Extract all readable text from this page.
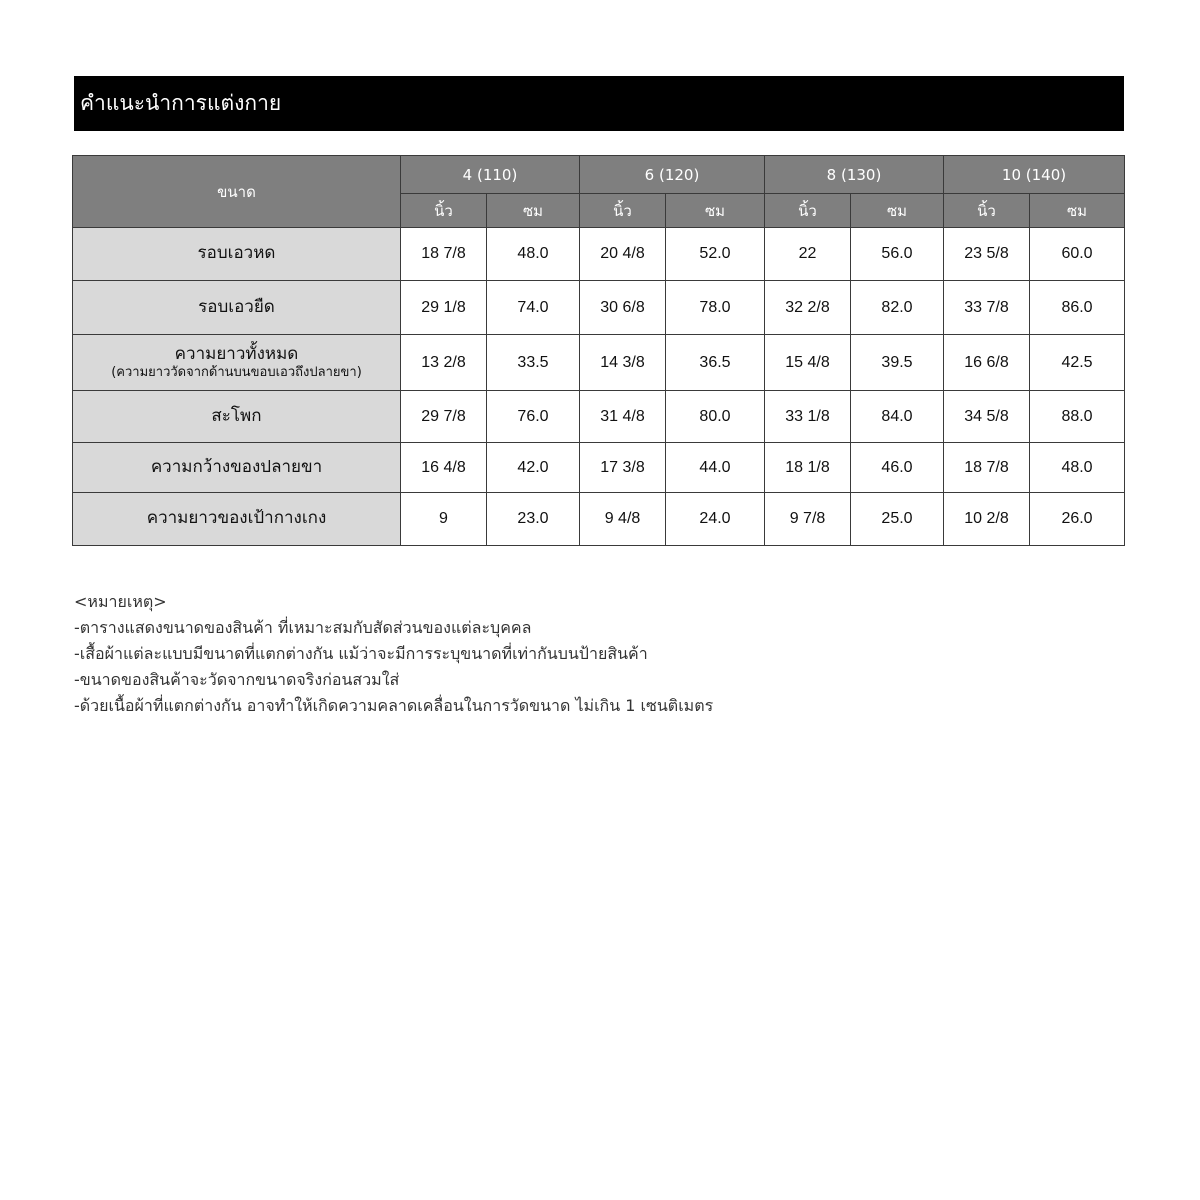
คำแนะนำการแต่งกาย
ขนาด	4 (110)		6 (120)		8 (130)		10 (140)	
	นิ้ว	ซม	นิ้ว	ซม	นิ้ว	ซม	นิ้ว	ซม
รอบเอวหด	18 7/8	48.0	20 4/8	52.0	22	56.0	23 5/8	60.0
รอบเอวยืด	29 1/8	74.0	30 6/8	78.0	32 2/8	82.0	33 7/8	86.0
ความยาวทั้งหมด
(ความยาววัดจากด้านบนขอบเอวถึงปลายขา)	13 2/8	33.5	14 3/8	36.5	15 4/8	39.5	16 6/8	42.5
สะโพก	29 7/8	76.0	31 4/8	80.0	33 1/8	84.0	34 5/8	88.0
ความกว้างของปลายขา	16 4/8	42.0	17 3/8	44.0	18 1/8	46.0	18 7/8	48.0
ความยาวของเป้ากางเกง	9	23.0	9 4/8	24.0	9 7/8	25.0	10 2/8	26.0
<หมายเหตุ>
-ตารางแสดงขนาดของสินค้า ที่เหมาะสมกับสัดส่วนของแต่ละบุคคล
-เสื้อผ้าแต่ละแบบมีขนาดที่แตกต่างกัน แม้ว่าจะมีการระบุขนาดที่เท่ากันบนป้ายสินค้า
-ขนาดของสินค้าจะวัดจากขนาดจริงก่อนสวมใส่
-ด้วยเนื้อผ้าที่แตกต่างกัน อาจทำให้เกิดความคลาดเคลื่อนในการวัดขนาด ไม่เกิน 1 เซนติเมตร
